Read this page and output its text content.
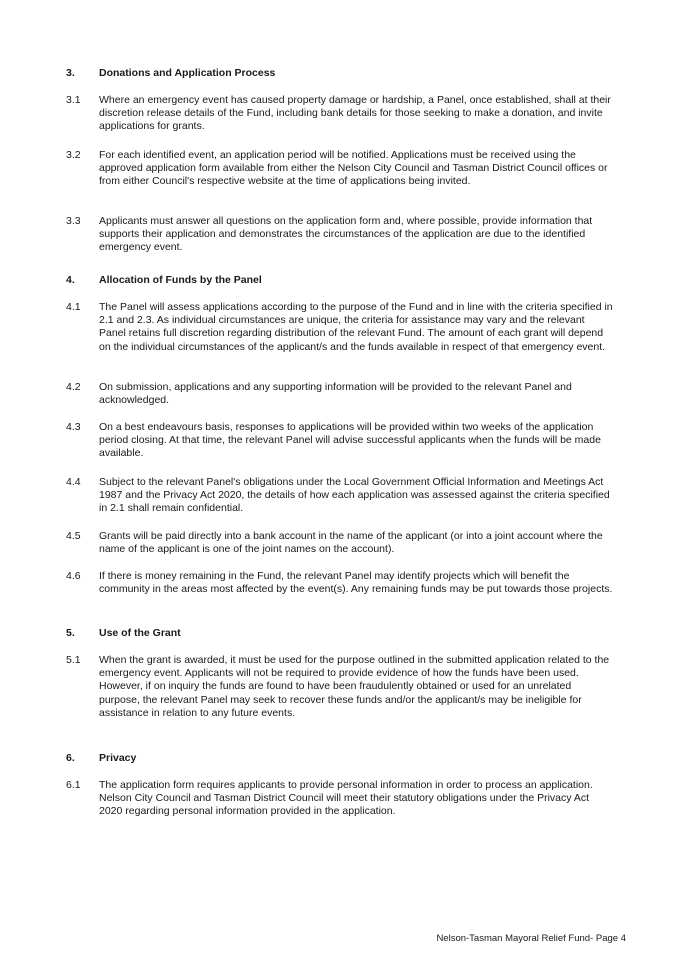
3. Donations and Application Process
3.1	Where an emergency event has caused property damage or hardship, a Panel, once established, shall at their discretion release details of the Fund, including bank details for those seeking to make a donation, and invite applications for grants.
3.2	For each identified event, an application period will be notified. Applications must be received using the approved application form available from either the Nelson City Council and Tasman District Council offices or from either Council's respective website at the time of applications being invited.
3.3	Applicants must answer all questions on the application form and, where possible, provide information that supports their application and demonstrates the circumstances of the application are due to the identified emergency event.
4. Allocation of Funds by the Panel
4.1	The Panel will assess applications according to the purpose of the Fund and in line with the criteria specified in 2.1 and 2.3. As individual circumstances are unique, the criteria for assistance may vary and the relevant Panel retains full discretion regarding distribution of the relevant Fund. The amount of each grant will depend on the individual circumstances of the applicant/s and the funds available in respect of that emergency event.
4.2	On submission, applications and any supporting information will be provided to the relevant Panel and acknowledged.
4.3	On a best endeavours basis, responses to applications will be provided within two weeks of the application period closing. At that time, the relevant Panel will advise successful applicants when the funds will be made available.
4.4	Subject to the relevant Panel's obligations under the Local Government Official Information and Meetings Act 1987 and the Privacy Act 2020, the details of how each application was assessed against the criteria specified in 2.1 shall remain confidential.
4.5	Grants will be paid directly into a bank account in the name of the applicant (or into a joint account where the name of the applicant is one of the joint names on the account).
4.6	If there is money remaining in the Fund, the relevant Panel may identify projects which will benefit the community in the areas most affected by the event(s). Any remaining funds may be put towards those projects.
5. Use of the Grant
5.1	When the grant is awarded, it must be used for the purpose outlined in the submitted application related to the emergency event. Applicants will not be required to provide evidence of how the funds have been used. However, if on inquiry the funds are found to have been fraudulently obtained or used for an unrelated purpose, the relevant Panel may seek to recover these funds and/or the applicant/s may be ineligible for assistance in relation to any future events.
6. Privacy
6.1	The application form requires applicants to provide personal information in order to process an application. Nelson City Council and Tasman District Council will meet their statutory obligations under the Privacy Act 2020 regarding personal information provided in the application.
Nelson-Tasman Mayoral Relief Fund- Page 4
